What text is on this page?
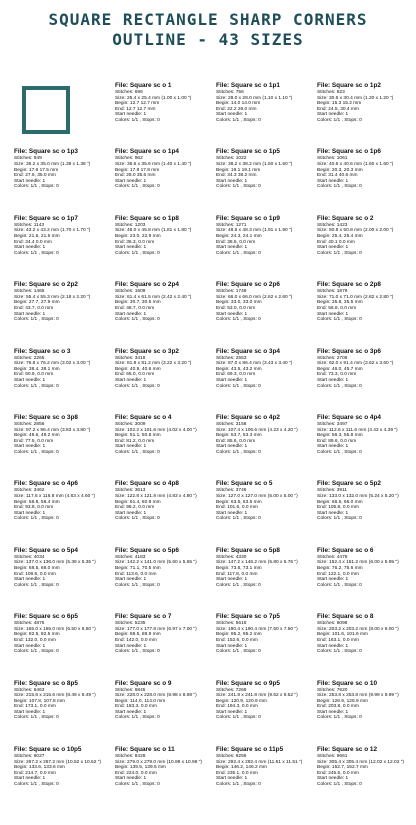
SQUARE RECTANGLE SHARP CORNERS
OUTLINE - 43 SIZES
File: Square sc o 1
Stitches: 696
Size: 25.4 x 25.4 mm (1.00 x 1.00 ")
Begin: 12.7 12.7 mm
End: 12.7 12.7 mm
Start needle: 1
Colors: 1/1 , Stops: 0
File: Square sc o 1p1
Stitches: 756
Size: 28.0 x 28.0 mm (1.10 x 1.10 ")
Begin: 14.0 14.0 mm
End: 22.2 26.0 mm
Start needle: 1
Colors: 1/1 , Stops: 0
File: Square sc o 1p2
Stitches: 823
Size: 30.6 x 30.4 mm (1.20 x 1.20 ")
Begin: 15.3 15.2 mm
End: 24.5, 30.4 mm
Start needle: 1
Colors: 1/1 , Stops: 0
File: Square sc o 1p3
Stitches: 949
Size: 35.2 x 35.0 mm (1.39 x 1.38 ")
Begin: 17.6 17.5 mm
End: 27.6, 35.0 mm
Start needle: 1
Colors: 1/1 , Stops: 0
File: Square sc o 1p4
Stitches: 962
Size: 35.6 x 35.6 mm (1.40 x 1.40 ")
Begin: 17.8 17.8 mm
End: 28.0 35.6 mm
Start needle: 1
Colors: 1/1 , Stops: 0
File: Square sc o 1p5
Stitches: 1022
Size: 38.2 x 38.2 mm (1.50 x 1.50 ")
Begin: 19.1 19.1 mm
End: 34.3 38.2 mm
Start needle: 1
Colors: 1/1 , Stops: 0
File: Square sc o 1p6
Stitches: 1061
Size: 40.6 x 40.6 mm (1.60 x 1.60 ")
Begin: 20.3, 20.3 mm
End: 31.4 40.6 mm
Start needle: 1
Colors: 1/1 , Stops: 0
File: Square sc o 1p7
Stitches: 1143
Size: 43.2 x 43.2 mm (1.70 x 1.70 ")
Begin: 21.6, 21.6 mm
End: 34.4 0.0 mm
Start needle: 1
Colors: 1/1 , Stops: 0
File: Square sc o 1p8
Stitches: 1203
Size: 46.0 x 45.8 mm (1.81 x 1.80 ")
Begin: 23.0, 22.9 mm
End: 36.3, 0.0 mm
Start needle: 1
Colors: 1/1 , Stops: 0
File: Square sc o 1p9
Stitches: 1271
Size: 48.6 x 48.3 mm (1.91 x 1.90 ")
Begin: 24.3, 24.1 mm
End: 38.5, 0.0 mm
Start needle: 1
Colors: 1/1 , Stops: 0
File: Square sc o 2
Stitches: 1423
Size: 50.8 x 50.8 mm (2.00 x 2.00 ")
Begin: 25.4, 25.4 mm
End: 40.1 0.0 mm
Start needle: 1
Colors: 1/1 , Stops: 0
File: Square sc o 2p2
Stitches: 1465
Size: 55.4 x 55.3 mm (2.18 x 2.20 ")
Begin: 27.7, 27.9 mm
End: 43.7, 0.0 mm
Start needle: 1
Colors: 1/1 , Stops: 0
File: Square sc o 2p4
Stitches: 1609
Size: 61.4 x 61.5 mm (2.42 x 2.40 ")
Begin: 30.7, 30.5 mm
End: 48.7, 0.0 mm
Start needle: 1
Colors: 1/1 , Stops: 0
File: Square sc o 2p6
Stitches: 1748
Size: 66.0 x 66.0 mm (2.62 x 2.60 ")
Begin: 33.0, 33.0 mm
End: 53.0, 0.0 mm
Start needle: 1
Colors: 1/1 , Stops: 0
File: Square sc o 2p8
Stitches: 1879
Size: 71.0 x 71.0 mm (2.82 x 2.80 ")
Begin: 35.8, 35.5 mm
End: 56.8, 0.0 mm
Start needle: 1
Colors: 1/1 , Stops: 0
File: Square sc o 3
Stitches: 2265
Size: 76.8 x 76.2 mm (3.02 x 3.00 ")
Begin: 38.4, 38.1 mm
End: 60.9, 0.0 mm
Start needle: 1
Colors: 1/1 , Stops: 0
File: Square sc o 3p2
Stitches: 3418
Size: 81.8 x 81.2 mm (3.22 x 3.20 ")
Begin: 40.9, 40.6 mm
End: 65.0, 0.0 mm
Start needle: 1
Colors: 1/1 , Stops: 0
File: Square sc o 3p4
Stitches: 2553
Size: 87.0 x 86.4 mm (3.43 x 3.40 ")
Begin: 43.5, 43.2 mm
End: 69.3, 0.0 mm
Start needle: 1
Colors: 1/1 , Stops: 0
File: Square sc o 3p6
Stitches: 2709
Size: 92.0 x 91.4 mm (3.62 x 3.60 ")
Begin: 46.0, 45.7 mm
End: 73.3, 0.0 mm
Start needle: 1
Colors: 1/1 , Stops: 0
File: Square sc o 3p8
Stitches: 2856
Size: 97.2 x 96.4 mm (3.83 x 3.80 ")
Begin: 48.6, 48.2 mm
End: 77.5, 0.0 mm
Start needle: 1
Colors: 1/1 , Stops: 0
File: Square sc o 4
Stitches: 3009
Size: 102.2 x 101.6 mm (4.02 x 4.00 ")
Begin: 51.1, 50.8 mm
End: 81.2, 0.0 mm
Start needle: 1
Colors: 1/1 , Stops: 0
File: Square sc o 4p2
Stitches: 3158
Size: 107.4 x 106.6 mm (4.23 x 4.20 ")
Begin: 53.7, 53.3 mm
End: 85.6, 0.0 mm
Start needle: 1
Colors: 1/1 , Stops: 0
File: Square sc o 4p4
Stitches: 3497
Size: 112.6 x 111.6 mm (4.43 x 4.39 ")
Begin: 56.3, 55.8 mm
End: 89.6, 0.0 mm
Start needle: 1
Colors: 1/1 , Stops: 0
File: Square sc o 4p6
Stitches: 3462
Size: 117.6 x 116.8 mm (4.63 x 4.60 ")
Begin: 58.8, 58.4 mm
End: 93.8, 0.0 mm
Start needle: 1
Colors: 1/1 , Stops: 0
File: Square sc o 4p8
Stitches: 3613
Size: 122.8 x 121.8 mm (4.83 x 4.80 ")
Begin: 61.4, 60.9 mm
End: 98.2, 0.0 mm
Start needle: 1
Colors: 1/1 , Stops: 0
File: Square sc o 5
Stitches: 3746
Size: 127.0 x 127.0 mm (5.00 x 5.00 ")
Begin: 63.5, 63.5 mm
End: 101.6, 0.0 mm
Start needle: 1
Colors: 1/1 , Stops: 0
File: Square sc o 5p2
Stitches: 3911
Size: 133.0 x 132.0 mm (5.24 x 5.20 ")
Begin: 66.5, 66.0 mm
End: 105.8, 0.0 mm
Start needle: 1
Colors: 1/1 , Stops: 0
File: Square sc o 5p4
Stitches: 4034
Size: 137.0 x 136.0 mm (5.39 x 5.35 ")
Begin: 68.5, 68.0 mm
End: 109.6, 0.0 mm
Start needle: 1
Colors: 1/1 , Stops: 0
File: Square sc o 5p6
Stitches: 4183
Size: 142.2 x 141.0 mm (5.60 x 5.55 ")
Begin: 71.1, 70.5 mm
End: 113.6, 0.0 mm
Start needle: 1
Colors: 1/1 , Stops: 0
File: Square sc o 5p8
Stitches: 4330
Size: 147.2 x 146.2 mm (5.80 x 5.76 ")
Begin: 73.6, 73.1 mm
End: 117.8, 0.0 mm
Start needle: 1
Colors: 1/1 , Stops: 0
File: Square sc o 6
Stitches: 4478
Size: 152.4 x 151.2 mm (6.00 x 5.95 ")
Begin: 76.2, 75.6 mm
End: 122.1, 0.0 mm
Start needle: 1
Colors: 1/1 , Stops: 0
File: Square sc o 6p5
Stitches: 4875
Size: 165.0 x 165.0 mm (6.50 x 6.50 ")
Begin: 82.5, 82.5 mm
End: 132.0, 0.0 mm
Start needle: 1
Colors: 1/1 , Stops: 0
File: Square sc o 7
Stitches: 5235
Size: 177.0 x 177.8 mm (6.97 x 7.00 ")
Begin: 88.5, 88.9 mm
End: 142.0, 0.0 mm
Start needle: 1
Colors: 1/1 , Stops: 0
File: Square sc o 7p5
Stitches: 5618
Size: 190.4 x 190.4 mm (7.50 x 7.50 ")
Begin: 95.2, 95.2 mm
End: 152.6, 0.0 mm
Start needle: 1
Colors: 1/1 , Stops: 0
File: Square sc o 8
Stitches: 6098
Size: 203.2 x 203.2 mm (8.00 x 8.00 ")
Begin: 101.6, 101.6 mm
End: 163.1, 0.0 mm
Start needle: 1
Colors: 1/1 , Stops: 0
File: Square sc o 8p5
Stitches: 6463
Size: 215.6 x 215.6 mm (8.49 x 8.49 ")
Begin: 107.8, 107.8 mm
End: 173.1, 0.0 mm
Start needle: 1
Colors: 1/1 , Stops: 0
File: Square sc o 9
Stitches: 6845
Size: 228.0 x 228.0 mm (8.98 x 8.98 ")
Begin: 114.0, 114.0 mm
End: 183.3, 0.0 mm
Start needle: 1
Colors: 1/1 , Stops: 0
File: Square sc o 9p5
Stitches: 7269
Size: 241.8 x 241.8 mm (9.52 x 9.52 ")
Begin: 120.9, 120.9 mm
End: 194.3, 0.0 mm
Start needle: 1
Colors: 1/1 , Stops: 0
File: Square sc o 10
Stitches: 7620
Size: 253.8 x 253.8 mm (9.99 x 9.99 ")
Begin: 126.9, 126.9 mm
End: 203.8, 0.0 mm
Start needle: 1
Colors: 1/1 , Stops: 0
File: Square sc o 10p5
Stitches: 8027
Size: 267.2 x 267.2 mm (10.52 x 10.52 ")
Begin: 133.6, 133.6 mm
End: 214.7, 0.0 mm
Start needle: 1
Colors: 1/1 , Stops: 0
File: Square sc o 11
Stitches: 8428
Size: 279.0 x 279.0 mm (10.98 x 10.98 ")
Begin: 139.5, 139.5 mm
End: 224.0, 0.0 mm
Start needle: 1
Colors: 1/1 , Stops: 0
File: Square sc o 11p5
Stitches: 9256
Size: 292.4 x 292.4 mm (11.51 x 11.51 ")
Begin: 146.2, 146.2 mm
End: 235.1, 0.0 mm
Start needle: 1
Colors: 1/1 , Stops: 0
File: Square sc o 12
Stitches: 9661
Size: 305.4 x 305.4 mm (12.02 x 12.02 ")
Begin: 152.7, 152.7 mm
End: 245.5, 0.0 mm
Start needle: 1
Colors: 1/1 , Stops: 0
